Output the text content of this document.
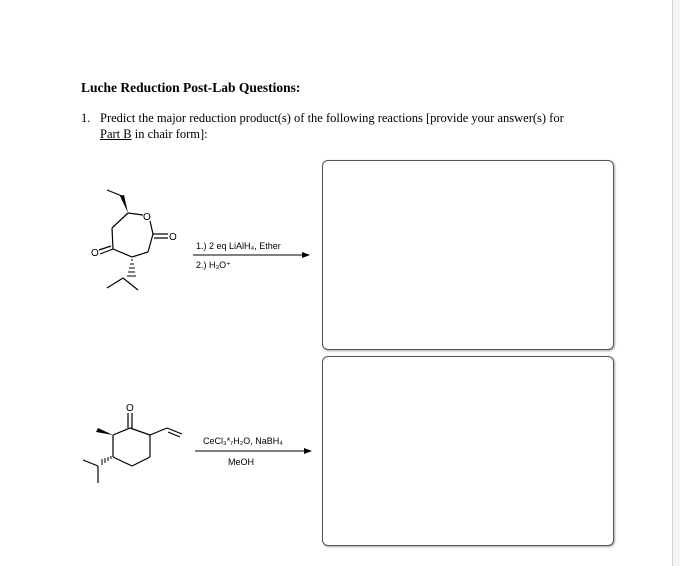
Luche Reduction Post-Lab Questions:
1. Predict the major reduction product(s) of the following reactions [provide your answer(s) for
Part B in chair form]:
O
O
O
1.) 2 eq LiAlH₄, Ether
2.) H₃O⁺
O
CeCl₃*₇H₂O, NaBH₄
MeOH
